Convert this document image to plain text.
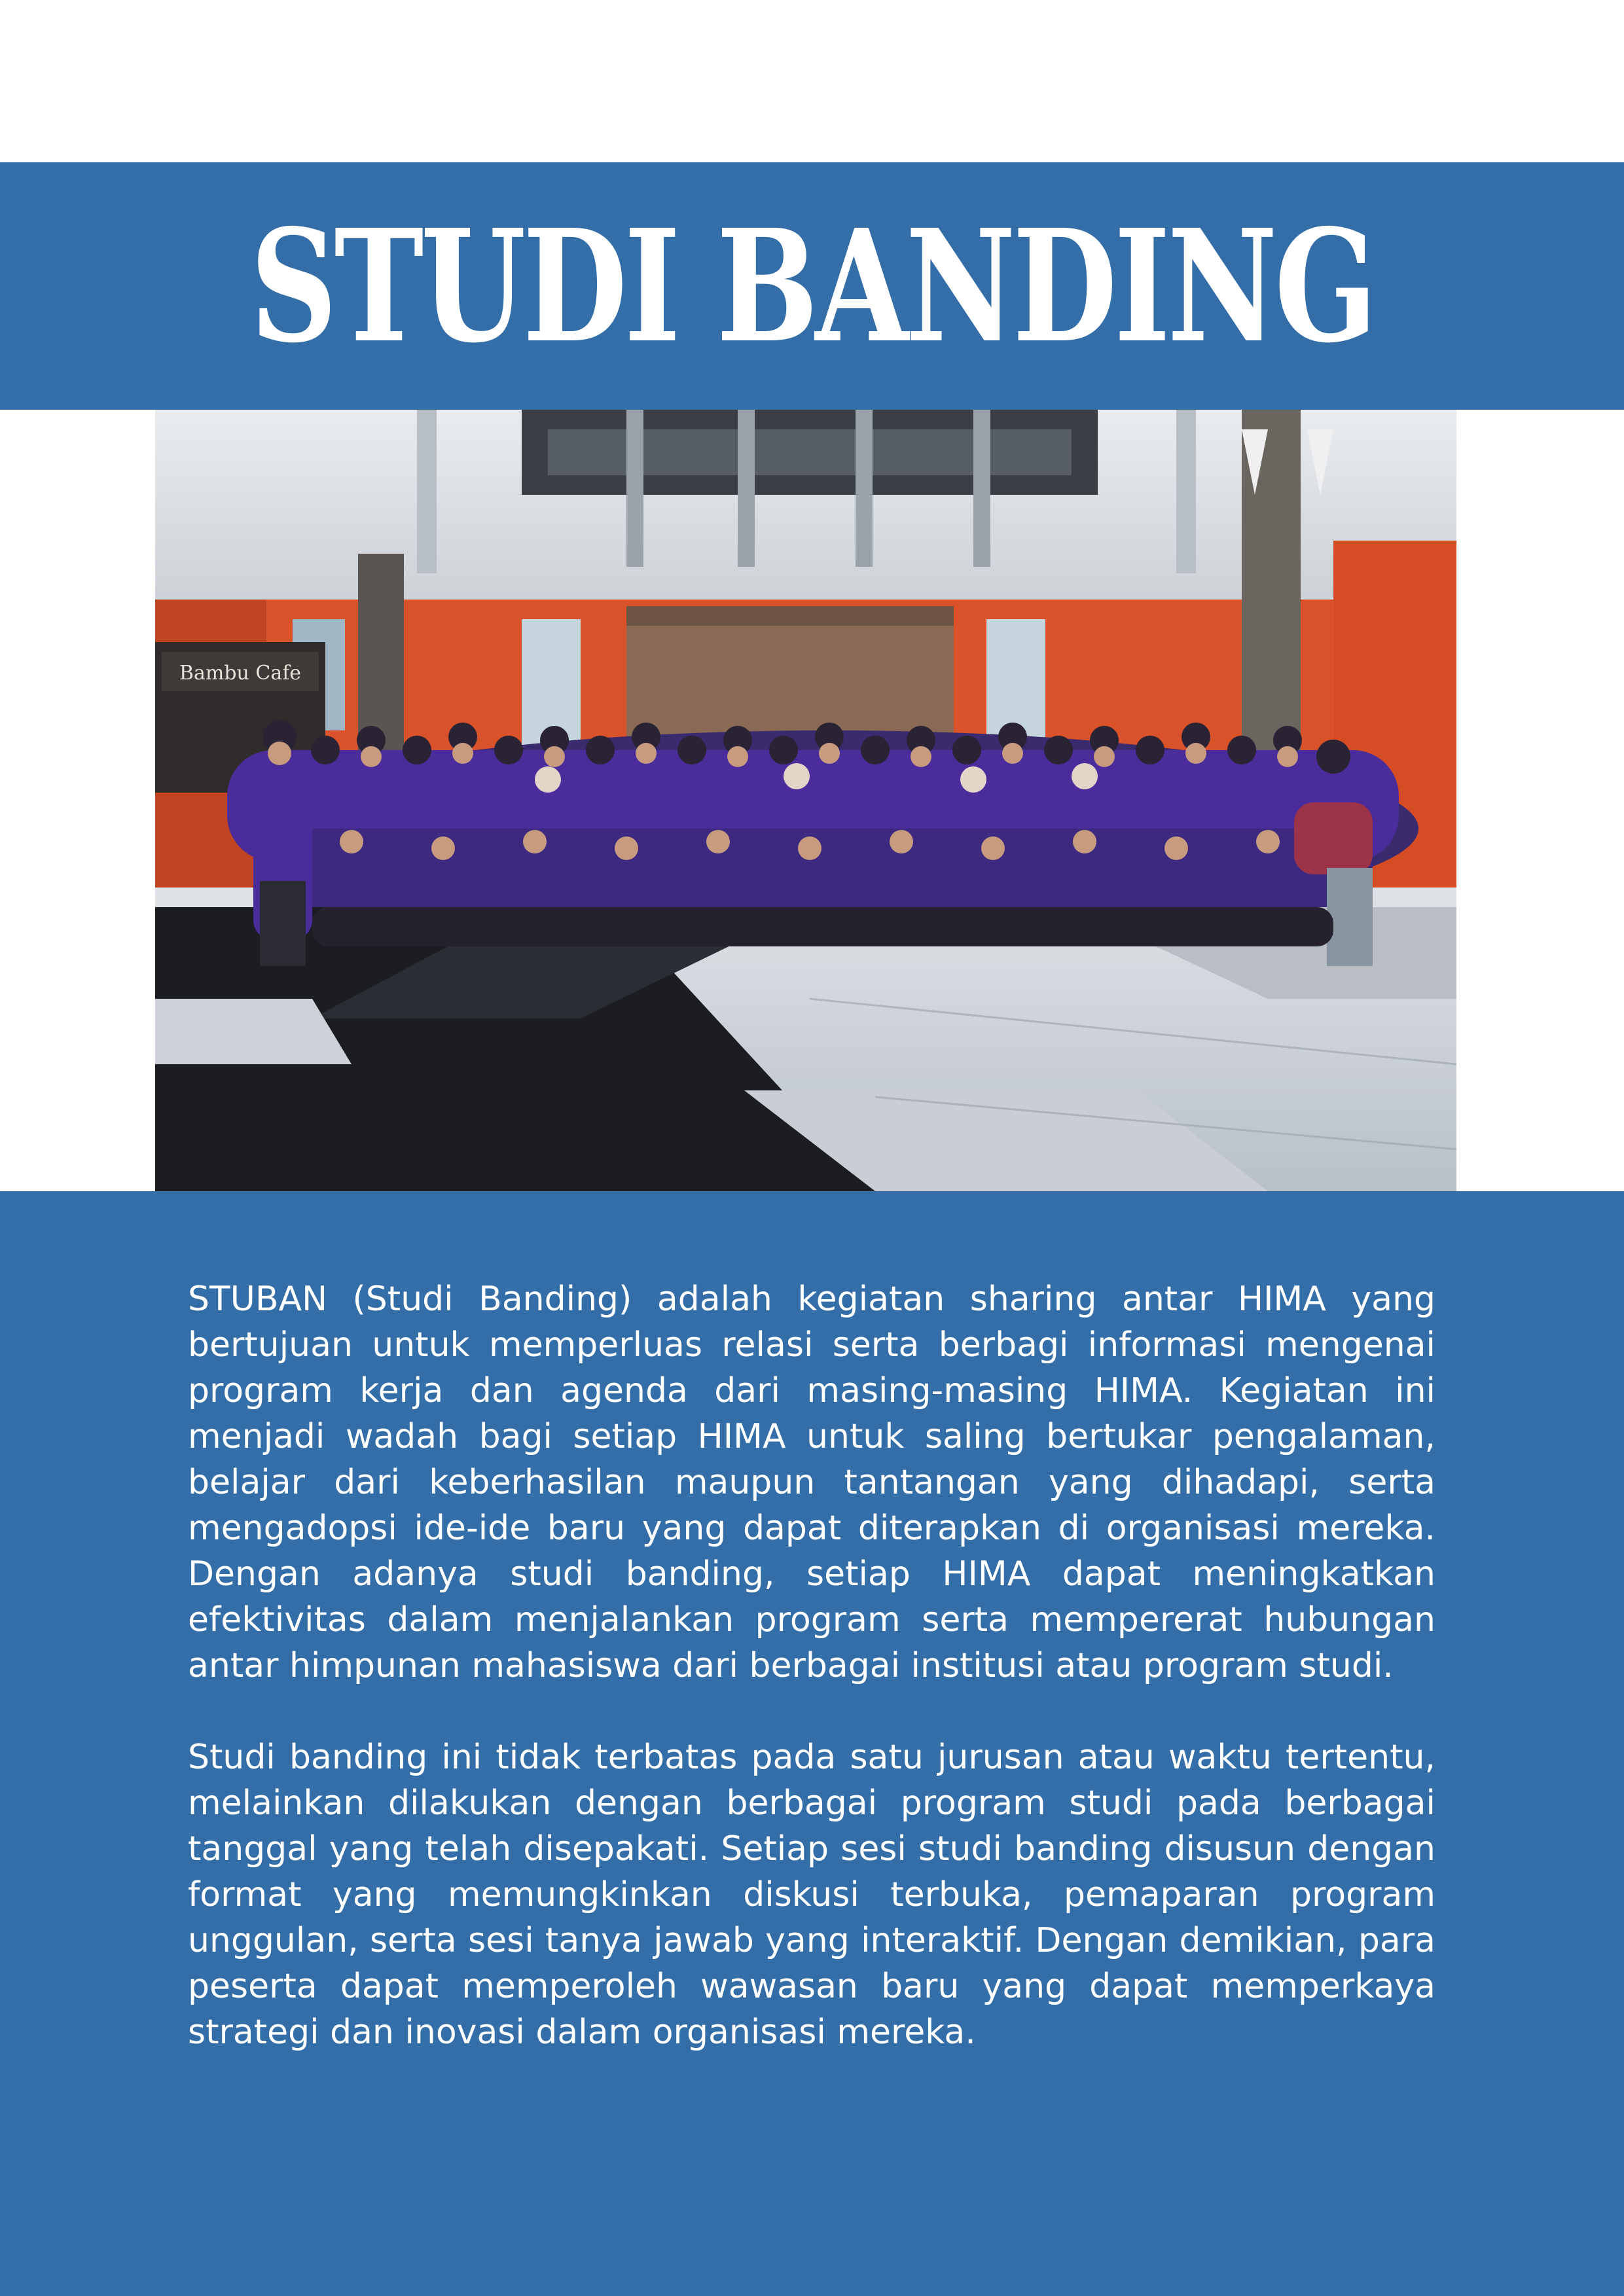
STUDI BANDING
Bambu Cafe

STUBAN (Studi Banding) adalah kegiatan sharing antar HIMA yang bertujuan untuk memperluas relasi serta berbagi informasi mengenai program kerja dan agenda dari masing-masing HIMA. Kegiatan ini menjadi wadah bagi setiap HIMA untuk saling bertukar pengalaman, belajar dari keberhasilan maupun tantangan yang dihadapi, serta mengadopsi ide-ide baru yang dapat diterapkan di organisasi mereka. Dengan adanya studi banding, setiap HIMA dapat meningkatkan efektivitas dalam menjalankan program serta mempererat hubungan antar himpunan mahasiswa dari berbagai institusi atau program studi.

Studi banding ini tidak terbatas pada satu jurusan atau waktu tertentu, melainkan dilakukan dengan berbagai program studi pada berbagai tanggal yang telah disepakati. Setiap sesi studi banding disusun dengan format yang memungkinkan diskusi terbuka, pemaparan program unggulan, serta sesi tanya jawab yang interaktif. Dengan demikian, para peserta dapat memperoleh wawasan baru yang dapat memperkaya strategi dan inovasi dalam organisasi mereka.
